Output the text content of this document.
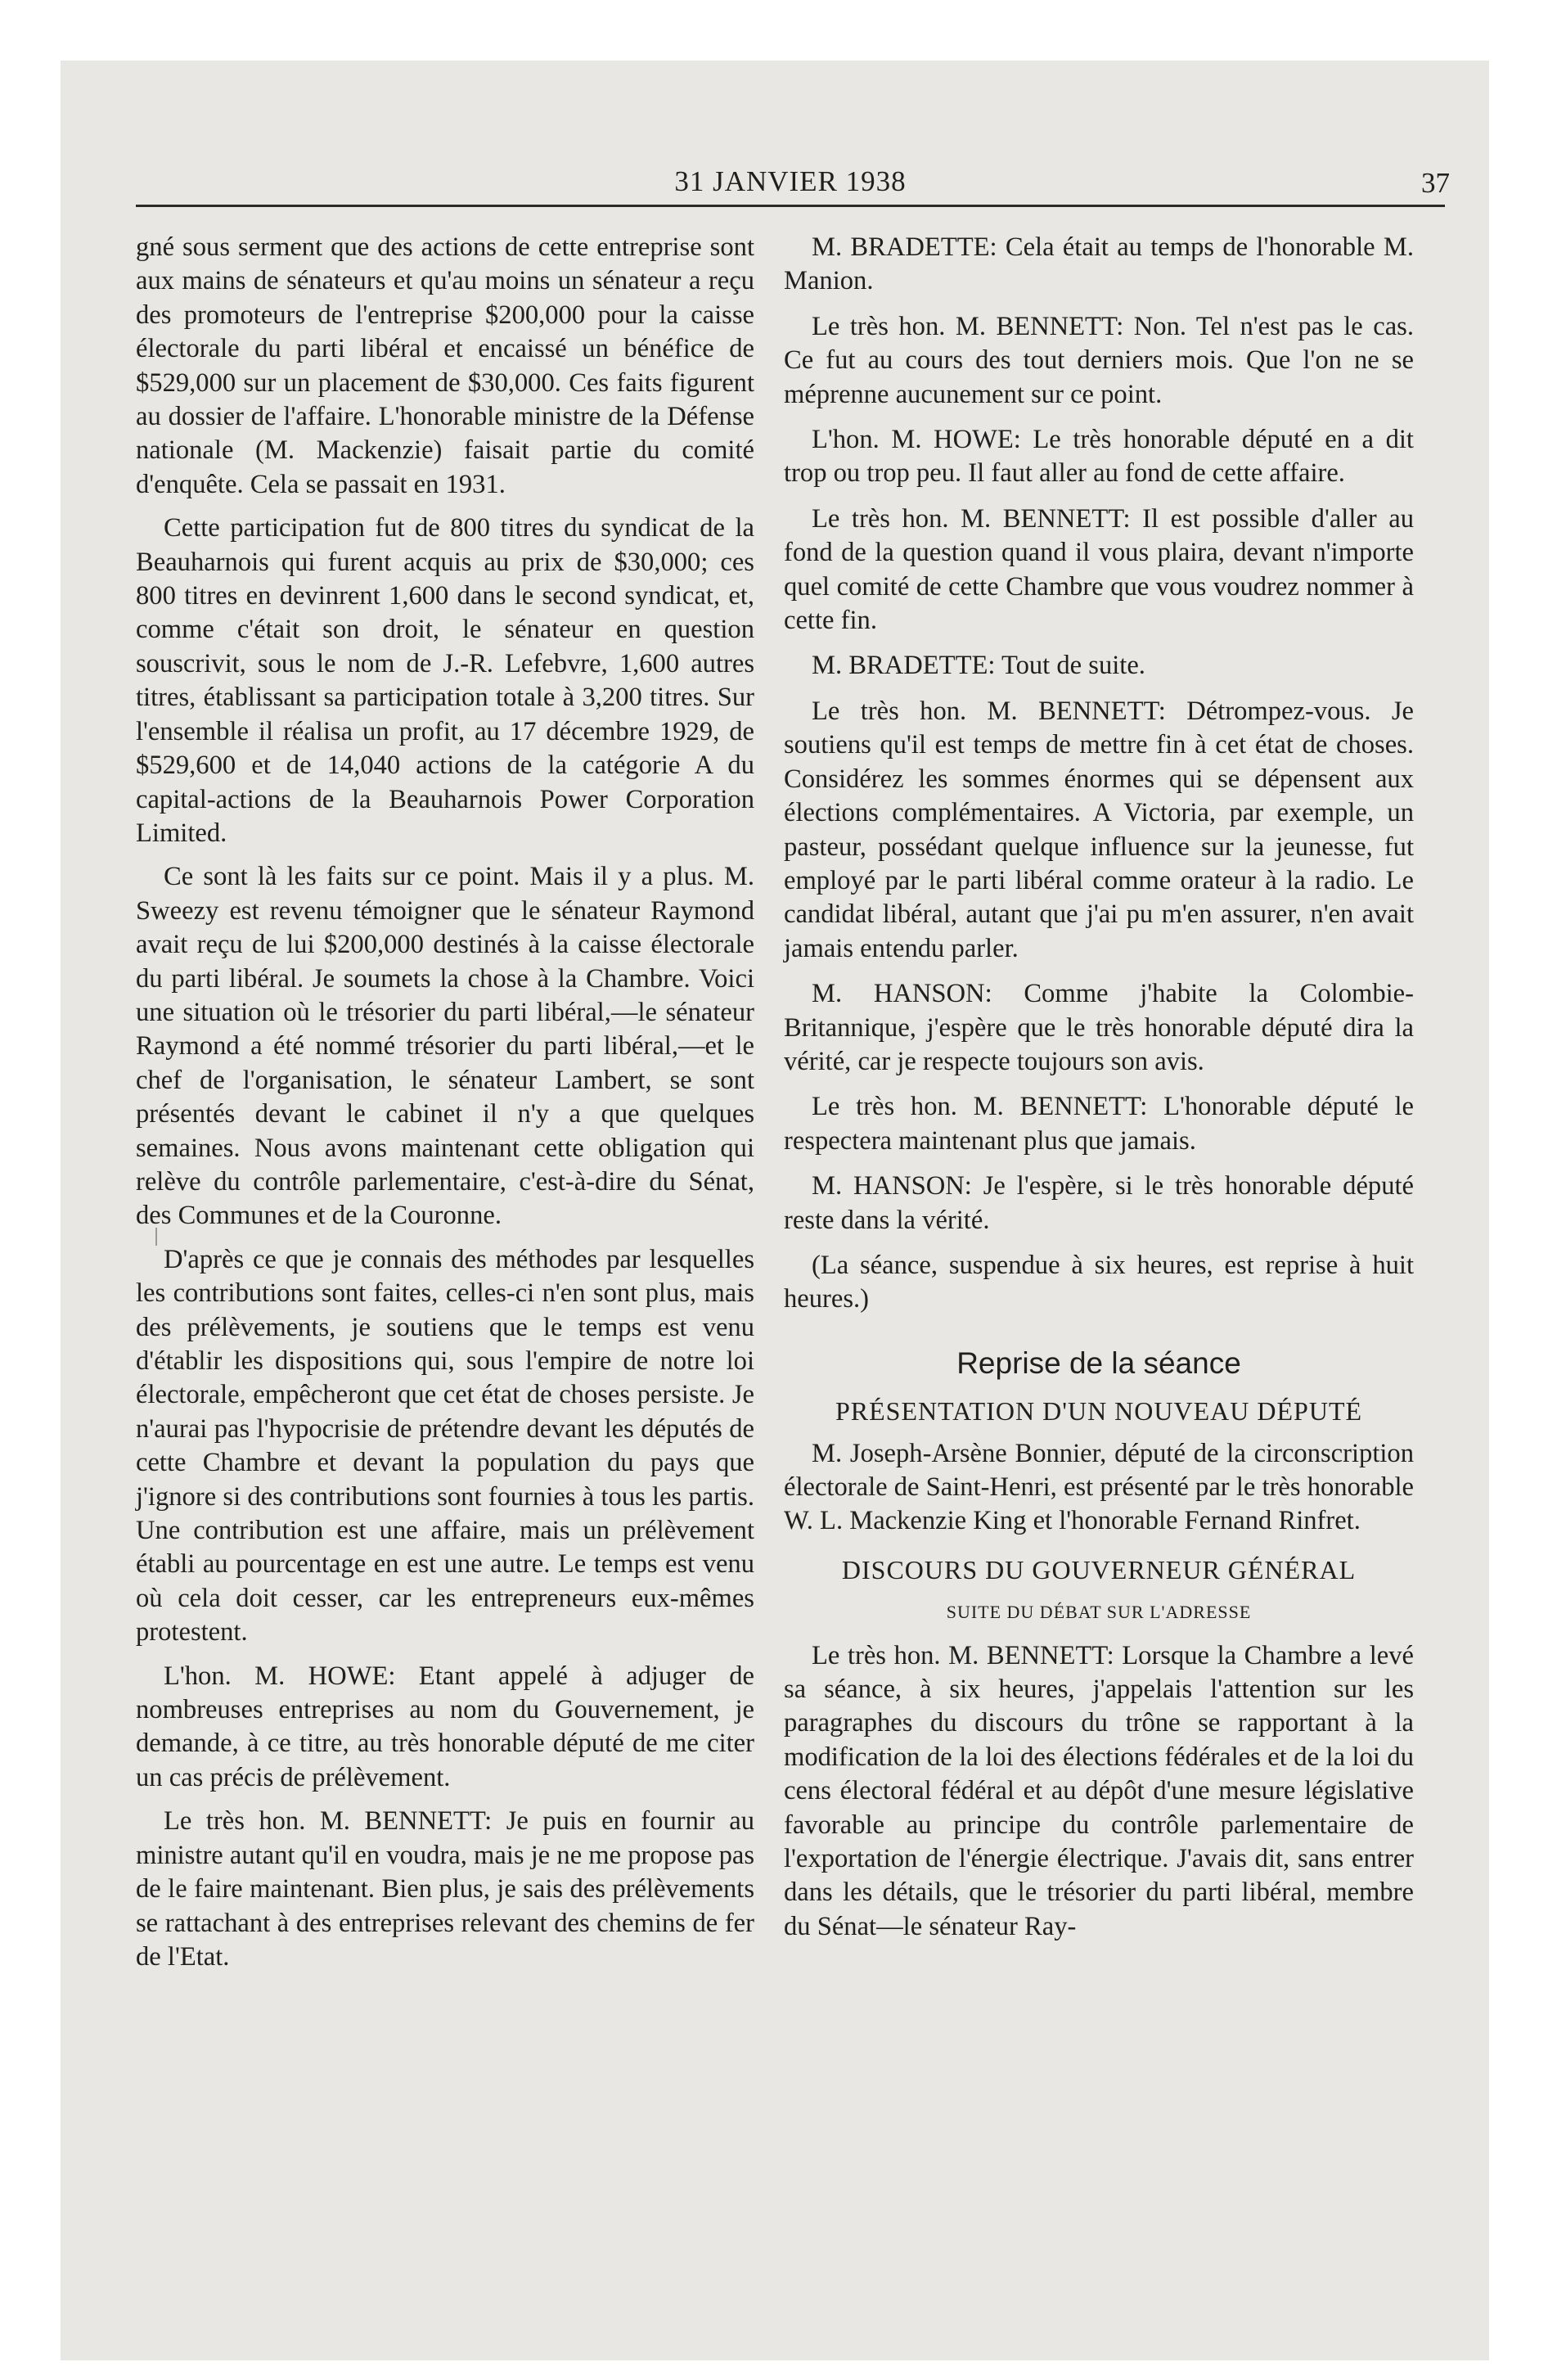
31 JANVIER 1938	37

gné sous serment que des actions de cette entreprise sont aux mains de sénateurs et qu'au moins un sénateur a reçu des promoteurs de l'entreprise $200,000 pour la caisse électorale du parti libéral et encaissé un bénéfice de $529,000 sur un placement de $30,000. Ces faits figurent au dossier de l'affaire. L'honorable ministre de la Défense nationale (M. Mackenzie) faisait partie du comité d'enquête. Cela se passait en 1931.

Cette participation fut de 800 titres du syndicat de la Beauharnois qui furent acquis au prix de $30,000; ces 800 titres en devinrent 1,600 dans le second syndicat, et, comme c'était son droit, le sénateur en question souscrivit, sous le nom de J.-R. Lefebvre, 1,600 autres titres, établissant sa participation totale à 3,200 titres. Sur l'ensemble il réalisa un profit, au 17 décembre 1929, de $529,600 et de 14,040 actions de la catégorie A du capital-actions de la Beauharnois Power Corporation Limited.

Ce sont là les faits sur ce point. Mais il y a plus. M. Sweezy est revenu témoigner que le sénateur Raymond avait reçu de lui $200,000 destinés à la caisse électorale du parti libéral. Je soumets la chose à la Chambre. Voici une situation où le trésorier du parti libéral,—le sénateur Raymond a été nommé trésorier du parti libéral,—et le chef de l'organisation, le sénateur Lambert, se sont présentés devant le cabinet il n'y a que quelques semaines. Nous avons maintenant cette obligation qui relève du contrôle parlementaire, c'est-à-dire du Sénat, des Communes et de la Couronne.

D'après ce que je connais des méthodes par lesquelles les contributions sont faites, celles-ci n'en sont plus, mais des prélèvements, je soutiens que le temps est venu d'établir les dispositions qui, sous l'empire de notre loi électorale, empêcheront que cet état de choses persiste. Je n'aurai pas l'hypocrisie de prétendre devant les députés de cette Chambre et devant la population du pays que j'ignore si des contributions sont fournies à tous les partis. Une contribution est une affaire, mais un prélèvement établi au pourcentage en est une autre. Le temps est venu où cela doit cesser, car les entrepreneurs eux-mêmes protestent.

L'hon. M. HOWE: Etant appelé à adjuger de nombreuses entreprises au nom du Gouvernement, je demande, à ce titre, au très honorable député de me citer un cas précis de prélèvement.

Le très hon. M. BENNETT: Je puis en fournir au ministre autant qu'il en voudra, mais je ne me propose pas de le faire maintenant. Bien plus, je sais des prélèvements se rattachant à des entreprises relevant des chemins de fer de l'Etat.

M. BRADETTE: Cela était au temps de l'honorable M. Manion.

Le très hon. M. BENNETT: Non. Tel n'est pas le cas. Ce fut au cours des tout derniers mois. Que l'on ne se méprenne aucunement sur ce point.

L'hon. M. HOWE: Le très honorable député en a dit trop ou trop peu. Il faut aller au fond de cette affaire.

Le très hon. M. BENNETT: Il est possible d'aller au fond de la question quand il vous plaira, devant n'importe quel comité de cette Chambre que vous voudrez nommer à cette fin.

M. BRADETTE: Tout de suite.

Le très hon. M. BENNETT: Détrompez-vous. Je soutiens qu'il est temps de mettre fin à cet état de choses. Considérez les sommes énormes qui se dépensent aux élections complémentaires. A Victoria, par exemple, un pasteur, possédant quelque influence sur la jeunesse, fut employé par le parti libéral comme orateur à la radio. Le candidat libéral, autant que j'ai pu m'en assurer, n'en avait jamais entendu parler.

M. HANSON: Comme j'habite la Colombie-Britannique, j'espère que le très honorable député dira la vérité, car je respecte toujours son avis.

Le très hon. M. BENNETT: L'honorable député le respectera maintenant plus que jamais.

M. HANSON: Je l'espère, si le très honorable député reste dans la vérité.

(La séance, suspendue à six heures, est reprise à huit heures.)

Reprise de la séance
PRÉSENTATION D'UN NOUVEAU DÉPUTÉ

M. Joseph-Arsène Bonnier, député de la circonscription électorale de Saint-Henri, est présenté par le très honorable W. L. Mackenzie King et l'honorable Fernand Rinfret.

DISCOURS DU GOUVERNEUR GÉNÉRAL
SUITE DU DÉBAT SUR L'ADRESSE

Le très hon. M. BENNETT: Lorsque la Chambre a levé sa séance, à six heures, j'appelais l'attention sur les paragraphes du discours du trône se rapportant à la modification de la loi des élections fédérales et de la loi du cens électoral fédéral et au dépôt d'une mesure législative favorable au principe du contrôle parlementaire de l'exportation de l'énergie électrique. J'avais dit, sans entrer dans les détails, que le trésorier du parti libéral, membre du Sénat—le sénateur Ray-
